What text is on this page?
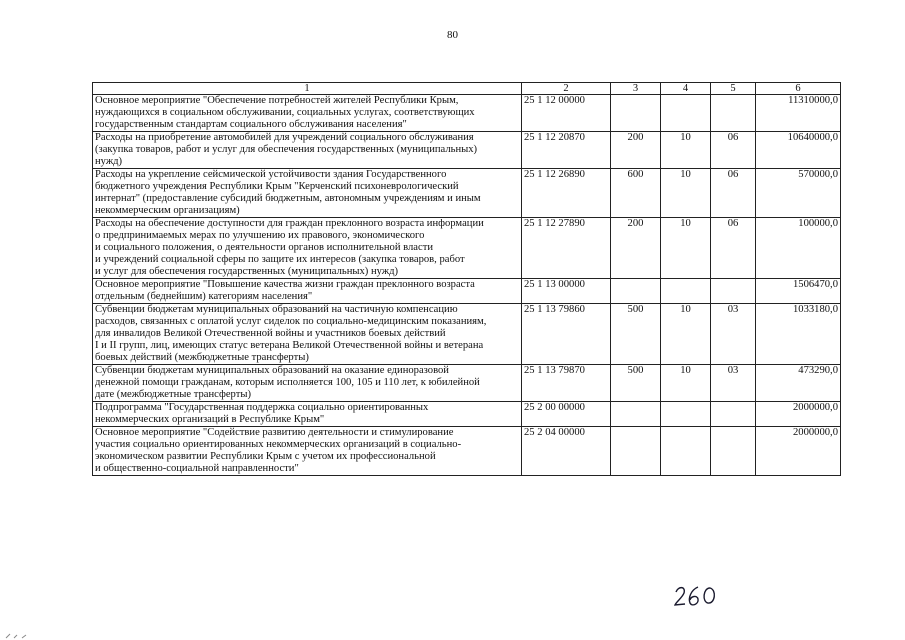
80
1	2	3	4	5	6
Основное мероприятие "Обеспечение потребностей жителей Республики Крым,
нуждающихся в социальном обслуживании, социальных услугах, соответствующих
государственным стандартам социального обслуживания населения"	25 1 12 00000				11310000,0
Расходы на приобретение автомобилей для учреждений социального обслуживания
(закупка товаров, работ и услуг для обеспечения государственных (муниципальных)
нужд)	25 1 12 20870	200	10	06	10640000,0
Расходы на укрепление сейсмической устойчивости здания Государственного
бюджетного учреждения Республики Крым "Керченский психоневрологический
интернат" (предоставление субсидий бюджетным, автономным учреждениям и иным
некоммерческим организациям)	25 1 12 26890	600	10	06	570000,0
Расходы на обеспечение доступности для граждан преклонного возраста информации
о предпринимаемых мерах по улучшению их правового, экономического
и социального положения, о деятельности органов исполнительной власти
и учреждений социальной сферы по защите их интересов (закупка товаров, работ
и услуг для обеспечения государственных (муниципальных) нужд)	25 1 12 27890	200	10	06	100000,0
Основное мероприятие "Повышение качества жизни граждан преклонного возраста
отдельным (беднейшим) категориям населения"	25 1 13 00000				1506470,0
Субвенции бюджетам муниципальных образований на частичную компенсацию
расходов, связанных с оплатой услуг сиделок по социально-медицинским показаниям,
для инвалидов Великой Отечественной войны и участников боевых действий
I и II групп, лиц, имеющих статус ветерана Великой Отечественной войны и ветерана
боевых действий (межбюджетные трансферты)	25 1 13 79860	500	10	03	1033180,0
Субвенции бюджетам муниципальных образований на оказание единоразовой
денежной помощи гражданам, которым исполняется 100, 105 и 110 лет, к юбилейной
дате (межбюджетные трансферты)	25 1 13 79870	500	10	03	473290,0
Подпрограмма "Государственная поддержка социально ориентированных
некоммерческих организаций в Республике Крым"	25 2 00 00000				2000000,0
Основное мероприятие "Содействие развитию деятельности и стимулирование
участия социально ориентированных некоммерческих организаций в социально-
экономическом развитии Республики Крым с учетом их профессиональной
и общественно-социальной направленности"	25 2 04 00000				2000000,0
